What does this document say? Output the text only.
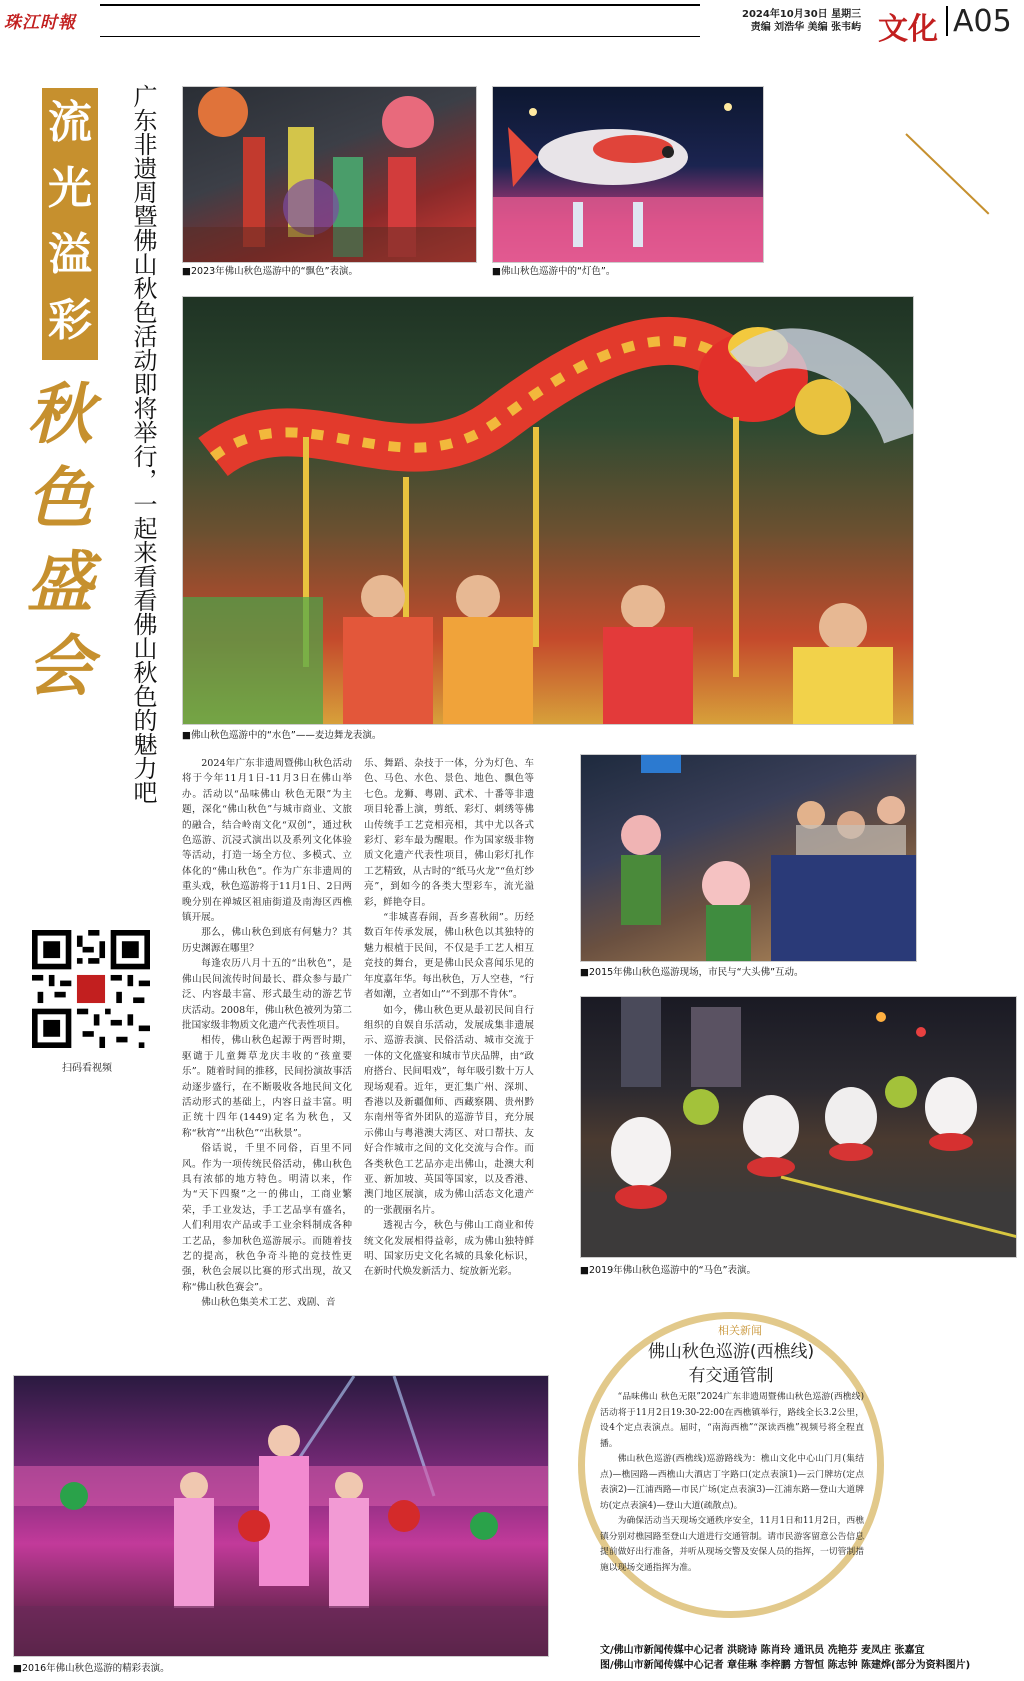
珠江时報	2024年10月30日 星期三
责编 刘浩华 美编 张韦屿 文化 A05
流光溢彩
秋色盛会	广东非遗周暨佛山秋色活动即将举行，一起来看看佛山秋色的魅力吧	■2023年佛山秋色巡游中的“飘色”表演。	■佛山秋色巡游中的“灯色”。
■佛山秋色巡游中的“水色”——麦边舞龙表演。

2024年广东非遗周暨佛山秋色活动将于今年11月1日-11月3日在佛山举办。活动以“品味佛山 秋色无限”为主题，深化“佛山秋色”与城市商业、文旅的融合，结合岭南文化“双创”，通过秋色巡游、沉浸式演出以及系列文化体验等活动，打造一场全方位、多模式、立体化的“佛山秋色”。作为广东非遗周的重头戏，秋色巡游将于11月1日、2日两晚分别在禅城区祖庙街道及南海区西樵镇开展。

那么，佛山秋色到底有何魅力？其历史渊源在哪里？

每逢农历八月十五的“出秋色”，是佛山民间流传时间最长、群众参与最广泛、内容最丰富、形式最生动的游艺节庆活动。2008年，佛山秋色被列为第二批国家级非物质文化遗产代表性项目。

相传，佛山秋色起源于两晋时期，驱谴于儿童舞草龙庆丰收的“孩童要乐”。随着时间的推移，民间扮演故事活动逐步盛行，在不断吸收各地民间文化活动形式的基础上，内容日益丰富。明正统十四年(1449)定名为秋色，又称“秋宵”“出秋色”“出秋景”。

俗话说，千里不同俗，百里不同风。作为一项传统民俗活动，佛山秋色具有浓郁的地方特色。明清以来，作为“天下四聚”之一的佛山，工商业繁荣，手工业发达，手工艺品享有盛名，人们利用农产品或手工业余料制成各种工艺品，参加秋色巡游展示。而随着技艺的提高，秋色争奇斗艳的竞技性更强，秋色会展以比赛的形式出现，故又称“佛山秋色赛会”。

佛山秋色集美术工艺、戏剧、音

乐、舞蹈、杂技于一体，分为灯色、车色、马色、水色、景色、地色、飘色等七色。龙狮、粤剧、武术、十番等非遗项目轮番上演，剪纸、彩灯、刺绣等佛山传统手工艺竞相亮相，其中尤以各式彩灯、彩车最为醒眼。作为国家级非物质文化遗产代表性项目，佛山彩灯扎作工艺精致，从古时的“纸马火龙”“鱼灯纱亮”，到如今的各类大型彩车，流光溢彩，鲜艳夺目。

“非城喜春闹，吾乡喜秋闹”。历经数百年传承发展，佛山秋色以其独特的魅力根植于民间，不仅是手工艺人相互竞技的舞台，更是佛山民众喜闻乐见的年度嘉年华。每出秋色，万人空巷，“行者如潮，立者如山”“不到那不肯休”。

如今，佛山秋色更从最初民间自行组织的自娱自乐活动，发展成集非遗展示、巡游表演、民俗活动、城市交流于一体的文化盛宴和城市节庆品牌，由“政府搭台、民间唱戏”，每年吸引数十万人现场观看。近年，更汇集广州、深圳、香港以及新疆伽师、西藏察隅、贵州黔东南州等省外团队的巡游节目，充分展示佛山与粤港澳大湾区、对口帮扶、友好合作城市之间的文化交流与合作。而各类秋色工艺品亦走出佛山，赴澳大利亚、新加坡、英国等国家，以及香港、澳门地区展演，成为佛山活态文化遗产的一张靓丽名片。

透视古今，秋色与佛山工商业和传统文化发展相得益彰，成为佛山独特鲜明、国家历史文化名城的具象化标识，在新时代焕发新活力、绽放新光彩。

扫码看视频
■2015年佛山秋色巡游现场，市民与“大头佛”互动。
■2019年佛山秋色巡游中的“马色”表演。
■2016年佛山秋色巡游的精彩表演。
相关新闻
佛山秋色巡游(西樵线)
有交通管制

“品味佛山 秋色无限”2024广东非遗周暨佛山秋色巡游(西樵线)活动将于11月2日19:30-22:00在西樵镇举行，路线全长3.2公里，设4个定点表演点。届时，“南海西樵”“深读西樵”视频号将全程直播。

佛山秋色巡游(西樵线)巡游路线为：樵山文化中心山门月(集结点)—樵园路—西樵山大酒店丁字路口(定点表演1)—云门牌坊(定点表演2)—江浦西路—市民广场(定点表演3)—江浦东路—登山大道牌坊(定点表演4)—登山大道(疏散点)。

为确保活动当天现场交通秩序安全，11月1日和11月2日，西樵镇分别对樵园路至登山大道进行交通管制。请市民游客留意公告信息提前做好出行准备，并听从现场交警及安保人员的指挥，一切管制措施以现场交通指挥为准。

文/佛山市新闻传媒中心记者 洪晓诗 陈肖玲 通讯员 冼艳芬 麦凤庄 张嘉宜
图/佛山市新闻传媒中心记者 章佳琳 李梓鹏 方智恒 陈志钟 陈建烨(部分为资料图片)
